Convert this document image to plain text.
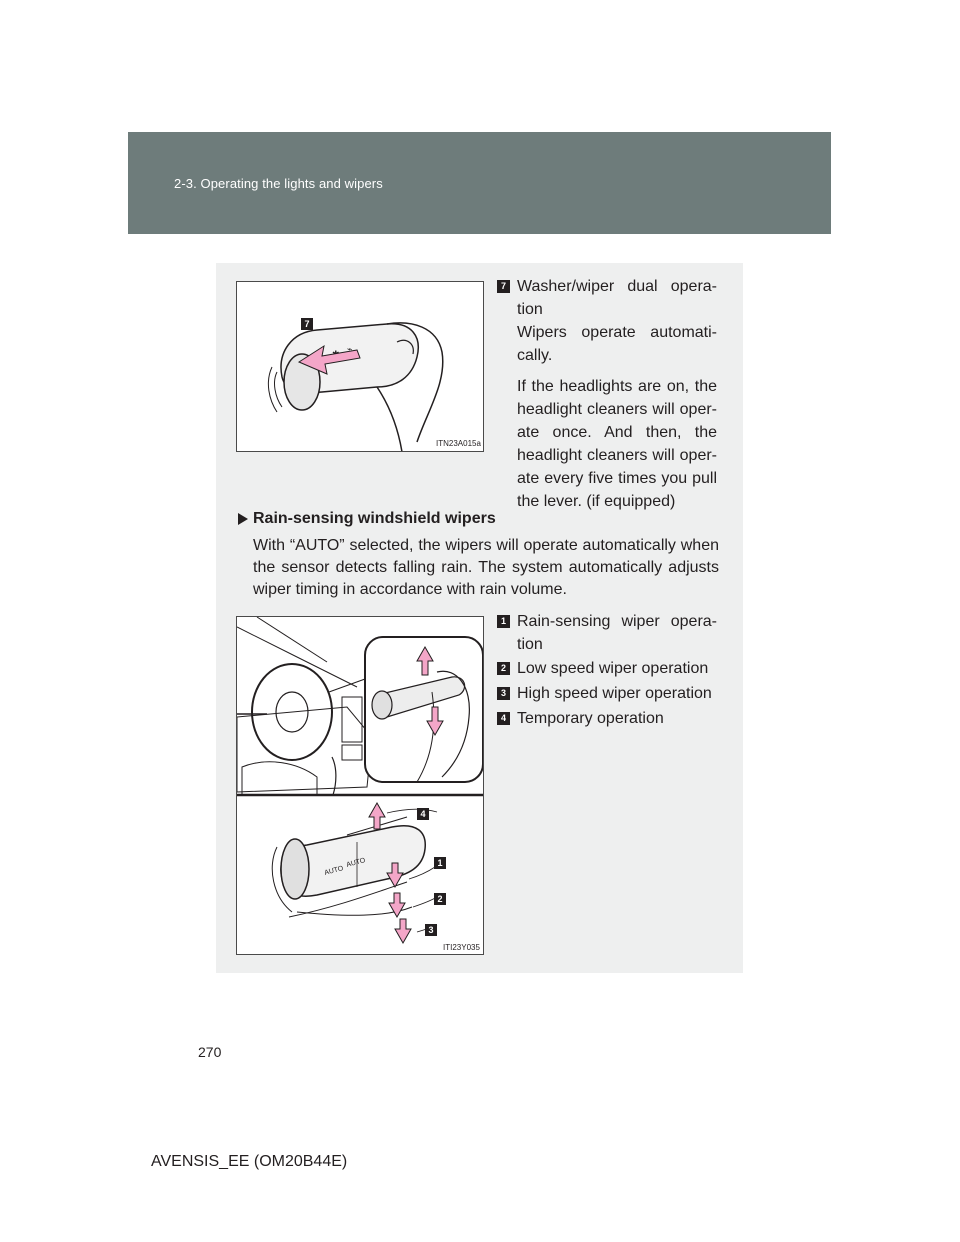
2-3. Operating the lights and wipers
⌁
7
ITN23A015a
7 Washer/wiper dual opera-tion

Wipers operate automati-cally.

If the headlights are on, the headlight cleaners will oper-ate once. And then, the headlight cleaners will oper-ate every five times you pull the lever. (if equipped)

Rain-sensing windshield wipers
With “AUTO” selected, the wipers will operate automatically when the sensor detects falling rain. The system automatically adjusts wiper timing in accordance with rain volume.
AUTO
AUTO
4
1
2
3
ITI23Y035
1 Rain-sensing wiper opera-tion

2 Low speed wiper operation

3 High speed wiper operation

4 Temporary operation

270
AVENSIS_EE (OM20B44E)
